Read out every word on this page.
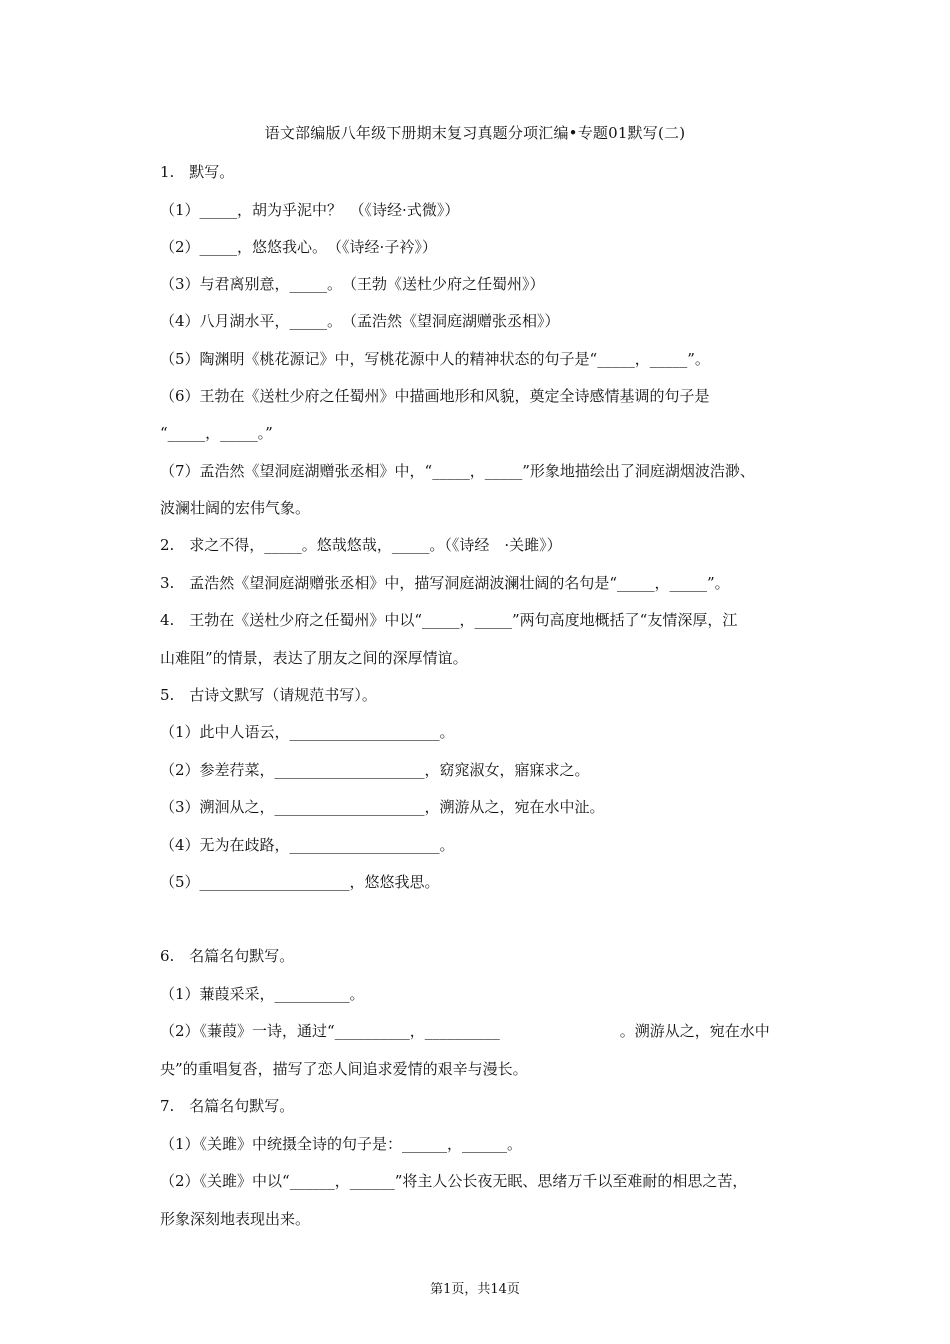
语文部编版八年级下册期末复习真题分项汇编•专题01默写(二)
1.　默写。
（1）_____，胡为乎泥中？　（《诗经·式微》）
（2）_____，悠悠我心。　（《诗经·子衿》）
（3）与君离别意，_____。　（王勃《送杜少府之任蜀州》）
（4）八月湖水平，_____。　（孟浩然《望洞庭湖赠张丞相》）
（5）陶渊明《桃花源记》中，写桃花源中人的精神状态的句子是“_____，_____”。
（6）王勃在《送杜少府之任蜀州》中描画地形和风貌，奠定全诗感情基调的句子是
“_____，_____。”
（7）孟浩然《望洞庭湖赠张丞相》中，“_____，_____”形象地描绘出了洞庭湖烟波浩渺、
波澜壮阔的宏伟气象。
2.　求之不得，_____。悠哉悠哉，_____。（《诗经　·关雎》）
3.　孟浩然《望洞庭湖赠张丞相》中，描写洞庭湖波澜壮阔的名句是“_____，_____”。
4.　王勃在《送杜少府之任蜀州》中以“_____，_____”两句高度地概括了“友情深厚，江
山难阻”的情景，表达了朋友之间的深厚情谊。
5.　古诗文默写（请规范书写）。
（1）此中人语云，____________________。
（2）参差荇菜，____________________，窈窕淑女，寤寐求之。
（3）溯洄从之，____________________，溯游从之，宛在水中沚。
（4）无为在歧路，____________________。
（5）____________________，悠悠我思。
6.　名篇名句默写。
（1）蒹葭采采，__________。
（2）《蒹葭》一诗，通过“__________，__________　　　　　　　　。溯游从之，宛在水中
央”的重唱复沓，描写了恋人间追求爱情的艰辛与漫长。
7.　名篇名句默写。
（1）《关雎》中统摄全诗的句子是：______，______。
（2）《关雎》中以“______，______”将主人公长夜无眠、思绪万千以至难耐的相思之苦，
形象深刻地表现出来。
第1页，共14页
